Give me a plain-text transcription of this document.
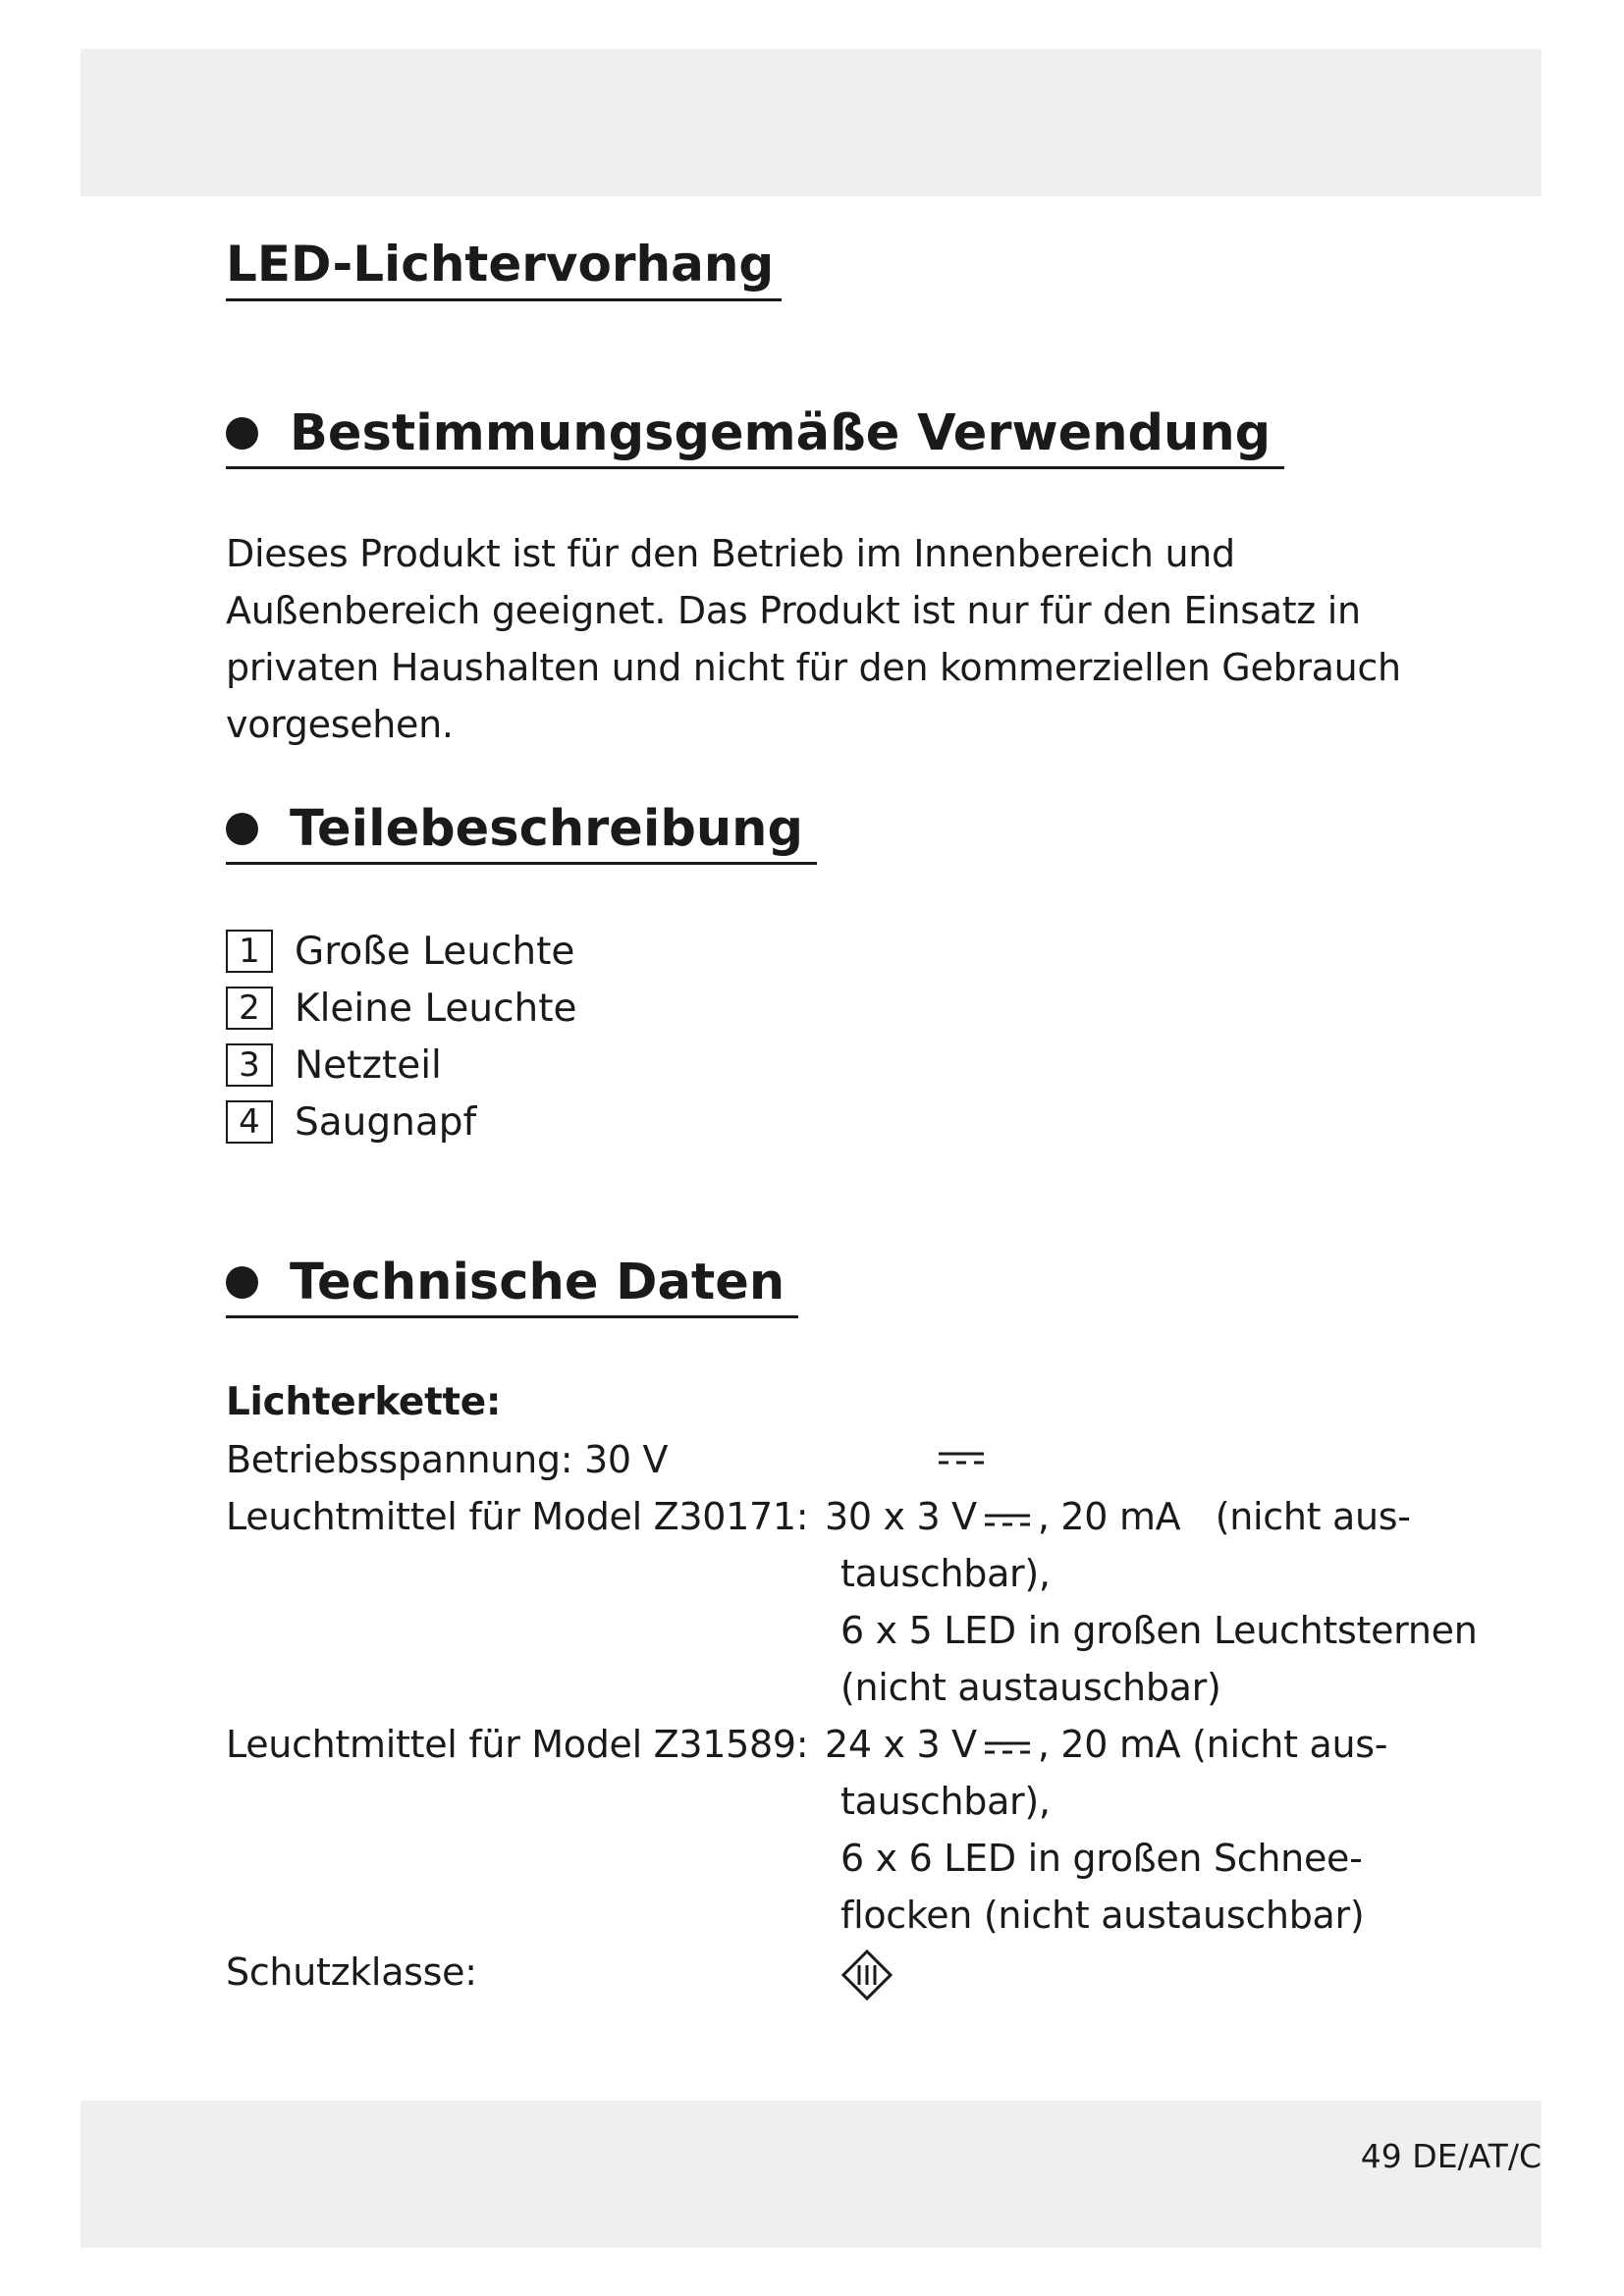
LED-Lichtervorhang
Bestimmungsgemäße Verwendung

Dieses Produkt ist für den Betrieb im Innenbereich und Außenbereich geeignet. Das Produkt ist nur für den Einsatz in privaten Haushalten und nicht für den kommerziellen Gebrauch vorgesehen.

Teilebeschreibung
1 Große Leuchte
2 Kleine Leuchte
3 Netzteil
4 Saugnapf
Technische Daten
Lichterkette:
Betriebsspannung: 30 V
Leuchtmittel für Model Z30171: 30 x 3 V , 20 mA   (nicht aus-
tauschbar),
6 x 5 LED in großen Leuchtsternen
(nicht austauschbar)
Leuchtmittel für Model Z31589: 24 x 3 V , 20 mA (nicht aus-
tauschbar),
6 x 6 LED in großen Schnee-
flocken (nicht austauschbar)
Schutzklasse:
49 DE/AT/C
